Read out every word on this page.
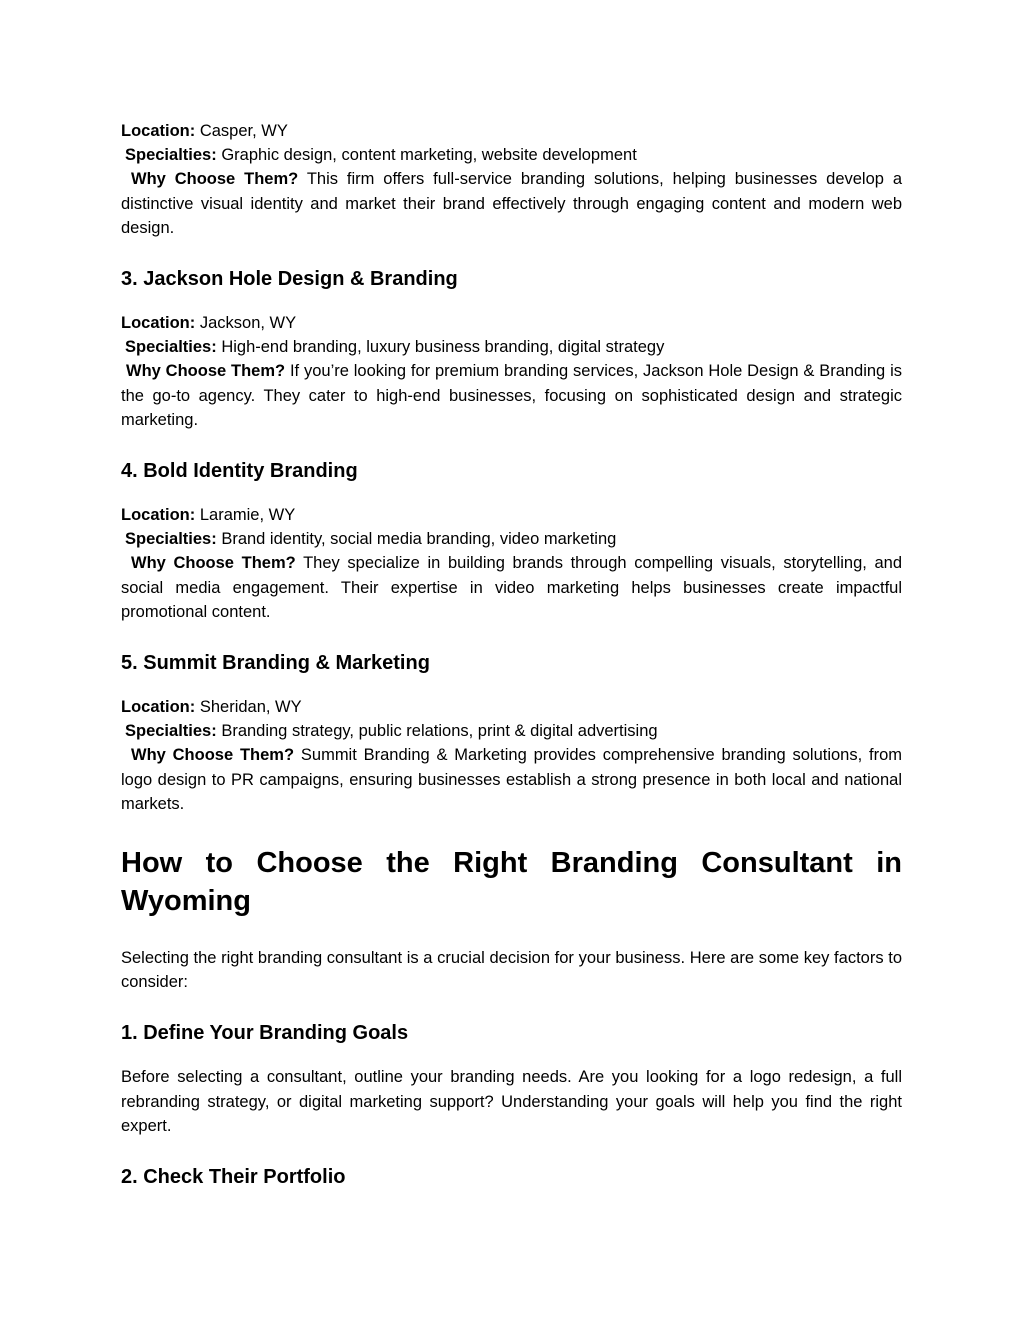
Location: Casper, WY

Specialties: Graphic design, content marketing, website development

Why Choose Them? This firm offers full-service branding solutions, helping businesses develop a distinctive visual identity and market their brand effectively through engaging content and modern web design.

3. Jackson Hole Design & Branding

Location: Jackson, WY

Specialties: High-end branding, luxury business branding, digital strategy

Why Choose Them? If you’re looking for premium branding services, Jackson Hole Design & Branding is the go-to agency. They cater to high-end businesses, focusing on sophisticated design and strategic marketing.

4. Bold Identity Branding

Location: Laramie, WY

Specialties: Brand identity, social media branding, video marketing

Why Choose Them? They specialize in building brands through compelling visuals, storytelling, and social media engagement. Their expertise in video marketing helps businesses create impactful promotional content.

5. Summit Branding & Marketing

Location: Sheridan, WY

Specialties: Branding strategy, public relations, print & digital advertising

Why Choose Them? Summit Branding & Marketing provides comprehensive branding solutions, from logo design to PR campaigns, ensuring businesses establish a strong presence in both local and national markets.

How to Choose the Right Branding Consultant in Wyoming

Selecting the right branding consultant is a crucial decision for your business. Here are some key factors to consider:

1. Define Your Branding Goals

Before selecting a consultant, outline your branding needs. Are you looking for a logo redesign, a full rebranding strategy, or digital marketing support? Understanding your goals will help you find the right expert.

2. Check Their Portfolio
